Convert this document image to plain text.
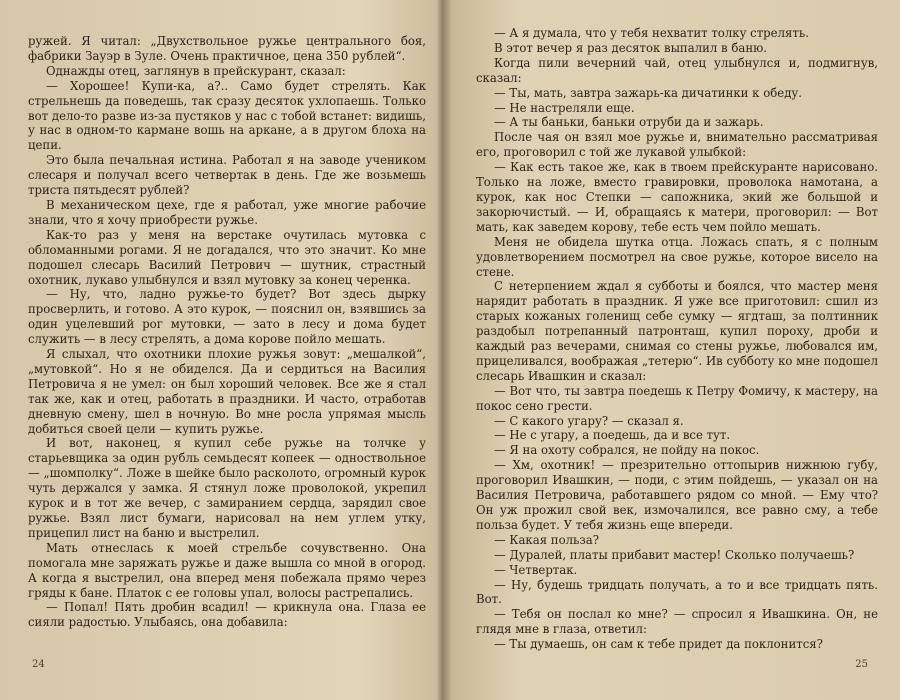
ружей. Я читал: „Двухствольное ружье центрального боя, фабрики Зауэр в Зуле. Очень практичное, цена 350 рублей“.

Однажды отец, заглянув в прейскурант, сказал:

— Хорошее! Купи-ка, а?.. Само будет стрелять. Как стрельнешь да поведешь, так сразу десяток ухлопаешь. Только вот дело-то разве из-за пустяков у нас с тобой встанет: видишь, у нас в одном-то кармане вошь на аркане, а в другом блоха на цепи.

Это была печальная истина. Работал я на заводе учеником слесаря и получал всего четвертак в день. Где же возьмешь триста пятьдесят рублей?

В механическом цехе, где я работал, уже многие рабочие знали, что я хочу приобрести ружье.

Как-то раз у меня на верстаке очутилась мутовка с обломанными рогами. Я не догадался, что это значит. Ко мне подошел слесарь Василий Петрович — шутник, страстный охотник, лукаво улыбнулся и взял мутовку за конец черенка.

— Ну, что, ладно ружье-то будет? Вот здесь дырку просверлить, и готово. А это курок, — пояснил он, взявшись за один уцелевший рог мутовки, — зато в лесу и дома будет служить — в лесу стрелять, а дома корове пойло мешать.

Я слыхал, что охотники плохие ружья зовут: „мешалкой“, „мутовкой“. Но я не обиделся. Да и сердиться на Василия Петровича я не умел: он был хороший человек. Все же я стал так же, как и отец, работать в праздники. И часто, отработав дневную смену, шел в ночную. Во мне росла упрямая мысль добиться своей цели — купить ружье.

И вот, наконец, я купил себе ружье на толчке у старьевщика за один рубль семьдесят копеек — одноствольное — „шомполку“. Ложе в шейке было расколото, огромный курок чуть держался у замка. Я стянул ложе проволокой, укрепил курок и в тот же вечер, с замиранием сердца, зарядил свое ружье. Взял лист бумаги, нарисовал на нем углем утку, прицепил лист на баню и выстрелил.

Мать отнеслась к моей стрельбе сочувственно. Она помогала мне заряжать ружье и даже вышла со мной в огород. А когда я выстрелил, она вперед меня побежала прямо через гряды к бане. Платок с ее головы упал, волосы растрепались.

— Попал! Пять дробин всадил! — крикнула она. Глаза ее сияли радостью. Улыбаясь, она добавила:

24

— А я думала, что у тебя нехватит толку стрелять.

В этот вечер я раз десяток выпалил в баню.

Когда пили вечерний чай, отец улыбнулся и, подмигнув, сказал:

— Ты, мать, завтра зажарь-ка дичатинки к обеду.

— Не настреляли еще.

— А ты баньки, баньки отруби да и зажарь.

После чая он взял мое ружье и, внимательно рассматривая его, проговорил с той же лукавой улыбкой:

— Как есть такое же, как в твоем прейскуранте нарисовано. Только на ложе, вместо гравировки, проволока намотана, а курок, как нос Степки — сапожника, экий же большой и закорючистый. — И, обращаясь к матери, проговорил: — Вот мать, как заведем корову, тебе есть чем пойло мешать.

Меня не обидела шутка отца. Ложась спать, я с полным удовлетворением посмотрел на свое ружье, которое висело на стене.

С нетерпением ждал я субботы и боялся, что мастер меня нарядит работать в праздник. Я уже все приготовил: сшил из старых кожаных голенищ себе сумку — ягдташ, за полтинник раздобыл потрепанный патронташ, купил пороху, дроби и каждый раз вечерами, снимая со стены ружье, любовался им, прицеливался, воображая „тетерю“. Ив субботу ко мне подошел слесарь Ивашкин и сказал:

— Вот что, ты завтра поедешь к Петру Фомичу, к мастеру, на покос сено грести.

— С какого угару? — сказал я.

— Не с угару, а поедешь, да и все тут.

— Я на охоту собрался, не пойду на покос.

— Хм, охотник! — презрительно оттопырив нижнюю губу, проговорил Ивашкин, — поди, с этим пойдешь, — указал он на Василия Петровича, работавшего рядом со мной. — Ему что? Он уж прожил свой век, измочалился, все равно сму, а тебе польза будет. У тебя жизнь еще впереди.

— Какая польза?

— Дуралей, платы прибавит мастер! Сколько получаешь?

— Четвертак.

— Ну, будешь тридцать получать, а то и все тридцать пять. Вот.

— Тебя он послал ко мне? — спросил я Ивашкина. Он, не глядя мне в глаза, ответил:

— Ты думаешь, он сам к тебе придет да поклонится?

25
